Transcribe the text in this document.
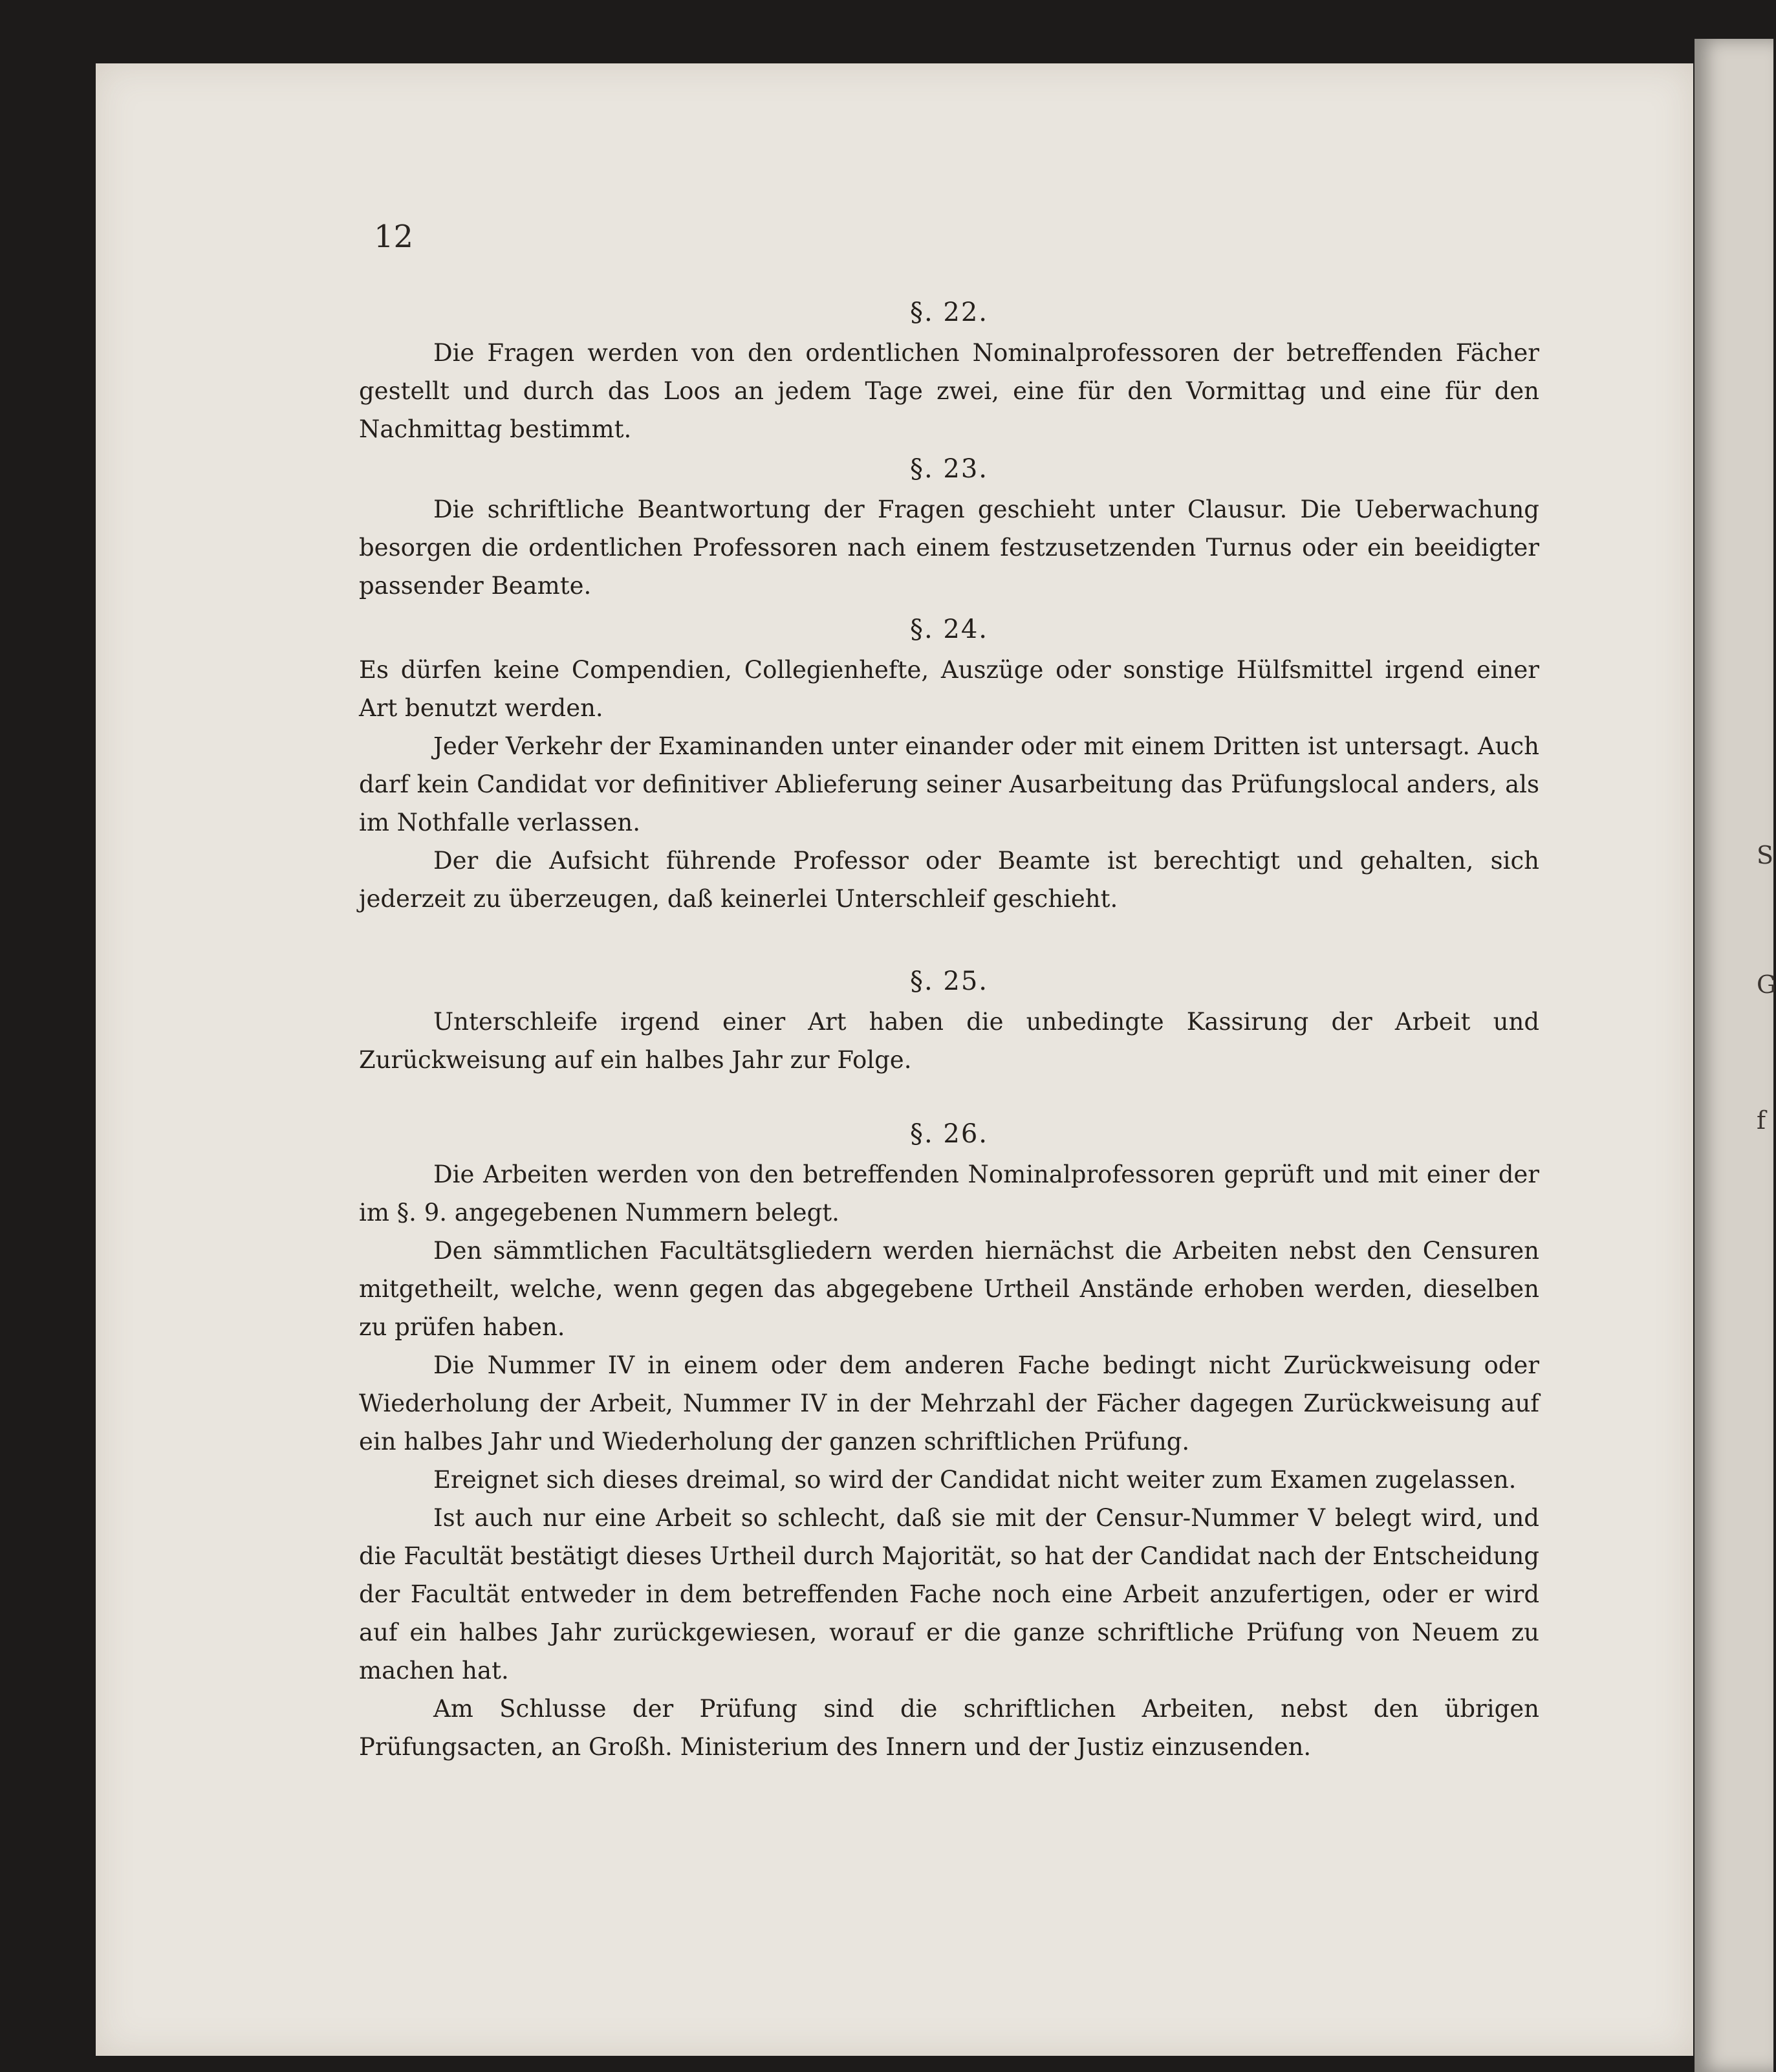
S
G
f
12

§. 22.

Die Fragen werden von den ordentlichen Nominalprofessoren der betreffenden Fächer gestellt und durch das Loos an jedem Tage zwei, eine für den Vormittag und eine für den Nachmittag bestimmt.

§. 23.

Die schriftliche Beantwortung der Fragen geschieht unter Clausur. Die Ueberwachung besorgen die ordentlichen Professoren nach einem festzusetzenden Turnus oder ein beeidigter passender Beamte.

§. 24.

Es dürfen keine Compendien, Collegienhefte, Auszüge oder sonstige Hülfsmittel irgend einer Art benutzt werden.

Jeder Verkehr der Examinanden unter einander oder mit einem Dritten ist untersagt. Auch darf kein Candidat vor definitiver Ablieferung seiner Ausarbeitung das Prüfungslocal anders, als im Nothfalle verlassen.

Der die Aufsicht führende Professor oder Beamte ist berechtigt und gehalten, sich jederzeit zu überzeugen, daß keinerlei Unterschleif geschieht.

§. 25.

Unterschleife irgend einer Art haben die unbedingte Kassirung der Arbeit und Zurückweisung auf ein halbes Jahr zur Folge.

§. 26.

Die Arbeiten werden von den betreffenden Nominalprofessoren geprüft und mit einer der im §. 9. angegebenen Nummern belegt.

Den sämmtlichen Facultätsgliedern werden hiernächst die Arbeiten nebst den Censuren mitgetheilt, welche, wenn gegen das abgegebene Urtheil Anstände erhoben werden, dieselben zu prüfen haben.

Die Nummer IV in einem oder dem anderen Fache bedingt nicht Zurückweisung oder Wiederholung der Arbeit, Nummer IV in der Mehrzahl der Fächer dagegen Zurückweisung auf ein halbes Jahr und Wiederholung der ganzen schriftlichen Prüfung.

Ereignet sich dieses dreimal, so wird der Candidat nicht weiter zum Examen zugelassen.

Ist auch nur eine Arbeit so schlecht, daß sie mit der Censur-Nummer V belegt wird, und die Facultät bestätigt dieses Urtheil durch Majorität, so hat der Candidat nach der Entscheidung der Facultät entweder in dem betreffenden Fache noch eine Arbeit anzufertigen, oder er wird auf ein halbes Jahr zurückgewiesen, worauf er die ganze schriftliche Prüfung von Neuem zu machen hat.

Am Schlusse der Prüfung sind die schriftlichen Arbeiten, nebst den übrigen Prüfungsacten, an Großh. Ministerium des Innern und der Justiz einzusenden.
